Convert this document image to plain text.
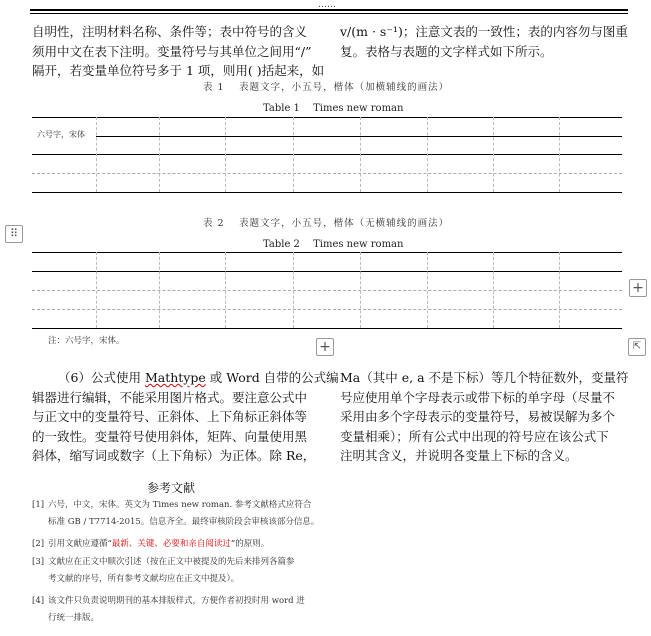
……
自明性，注明材料名称、条件等；表中符号的含义
须用中文在表下注明。变量符号与其单位之间用“/”
隔开，若变量单位符号多于 1 项，则用( )括起来，如
v/(m · s⁻¹)；注意文表的一致性；表的内容勿与图重
复。表格与表题的文字样式如下所示。
表 1　 表题文字，小五号，楷体（加横辅线的画法）
Table 1　 Times new roman
六号字，宋体
⠿
表 2　 表题文字，小五号，楷体（无横辅线的画法）
Table 2　 Times new roman
+
注：六号字，宋体。	+	⇱
（6）公式使用 Mathtype 或 Word 自带的公式编
辑器进行编辑，不能采用图片格式。要注意公式中
与正文中的变量符号、正斜体、上下角标正斜体等
的一致性。变量符号使用斜体，矩阵、向量使用黑
斜体，缩写词或数字（上下角标）为正体。除 Re，
Ma（其中 e, a 不是下标）等几个特征数外，变量符
号应使用单个字母表示或带下标的单字母（尽量不
采用由多个字母表示的变量符号，易被误解为多个
变量相乘）；所有公式中出现的符号应在该公式下
注明其含义，并说明各变量上下标的含义。
参考文献
[1] 六号，中文，宋体。英文为 Times new roman. 参考文献格式应符合
标准 GB / T7714-2015。信息齐全。最终审核阶段会审核该部分信息。
[2] 引用文献应遵循“最新、关键、必要和亲自阅读过”的原则。
[3] 文献应在正文中顺次引述（按在正文中被提及的先后来排列各篇参
考文献的序号，所有参考文献均应在正文中提及）。
[4] 该文件只负责说明期刊的基本排版样式，方便作者初投时用 word 进
行统一排版。
